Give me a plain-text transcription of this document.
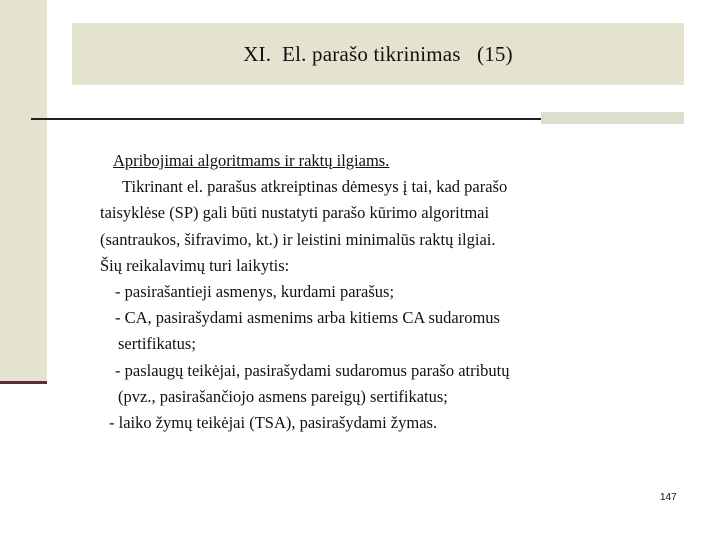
XI.  El. parašo tikrinimas   (15)
Apribojimai algoritmams ir raktų ilgiams.
Tikrinant el. parašus atkreiptinas dėmesys į tai, kad parašo
taisyklėse (SP) gali būti nustatyti parašo kūrimo algoritmai
(santraukos, šifravimo, kt.) ir leistini minimalūs raktų ilgiai.
Šių reikalavimų turi laikytis:
- pasirašantieji asmenys, kurdami parašus;
- CA, pasirašydami asmenims arba kitiems CA sudaromus
sertifikatus;
- paslaugų teikėjai, pasirašydami sudaromus parašo atributų
(pvz., pasirašančiojo asmens pareigų) sertifikatus;
- laiko žymų teikėjai (TSA), pasirašydami žymas.
147
